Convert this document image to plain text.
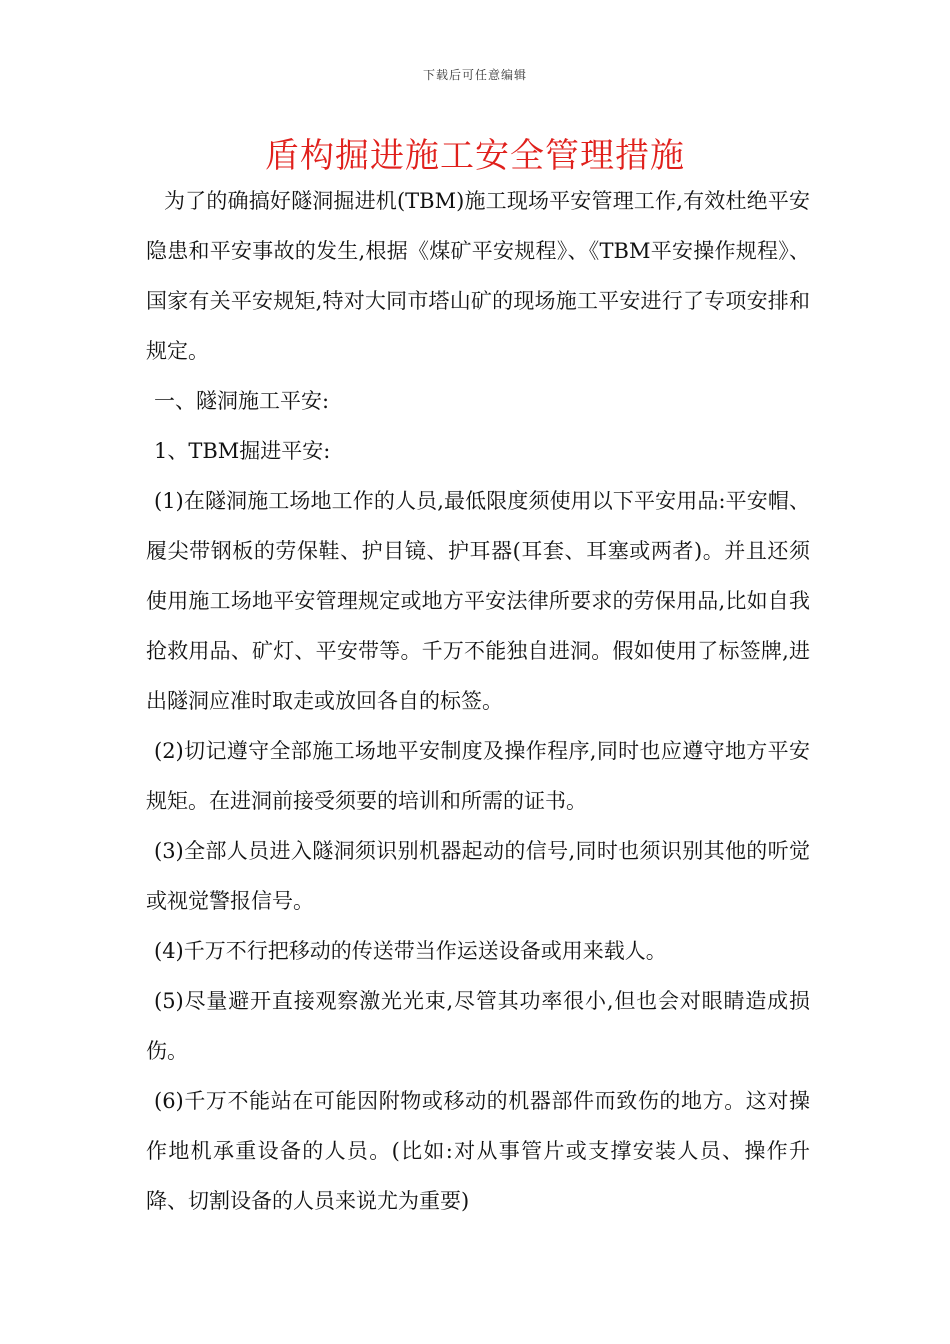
下载后可任意编辑
盾构掘进施工安全管理措施

为了的确搞好隧洞掘进机(TBM)施工现场平安管理工作,有效杜绝平安隐患和平安事故的发生,根据《煤矿平安规程》、《TBM平安操作规程》、国家有关平安规矩,特对大同市塔山矿的现场施工平安进行了专项安排和规定。

一、隧洞施工平安:

1、TBM掘进平安:

(1)在隧洞施工场地工作的人员,最低限度须使用以下平安用品:平安帽、履尖带钢板的劳保鞋、护目镜、护耳器(耳套、耳塞或两者)。并且还须使用施工场地平安管理规定或地方平安法律所要求的劳保用品,比如自我抢救用品、矿灯、平安带等。千万不能独自进洞。假如使用了标签牌,进出隧洞应准时取走或放回各自的标签。

(2)切记遵守全部施工场地平安制度及操作程序,同时也应遵守地方平安规矩。在进洞前接受须要的培训和所需的证书。

(3)全部人员进入隧洞须识别机器起动的信号,同时也须识别其他的听觉或视觉警报信号。

(4)千万不行把移动的传送带当作运送设备或用来载人。

(5)尽量避开直接观察激光光束,尽管其功率很小,但也会对眼睛造成损伤。

(6)千万不能站在可能因附物或移动的机器部件而致伤的地方。这对操作地机承重设备的人员。(比如:对从事管片或支撑安装人员、操作升降、切割设备的人员来说尤为重要)
